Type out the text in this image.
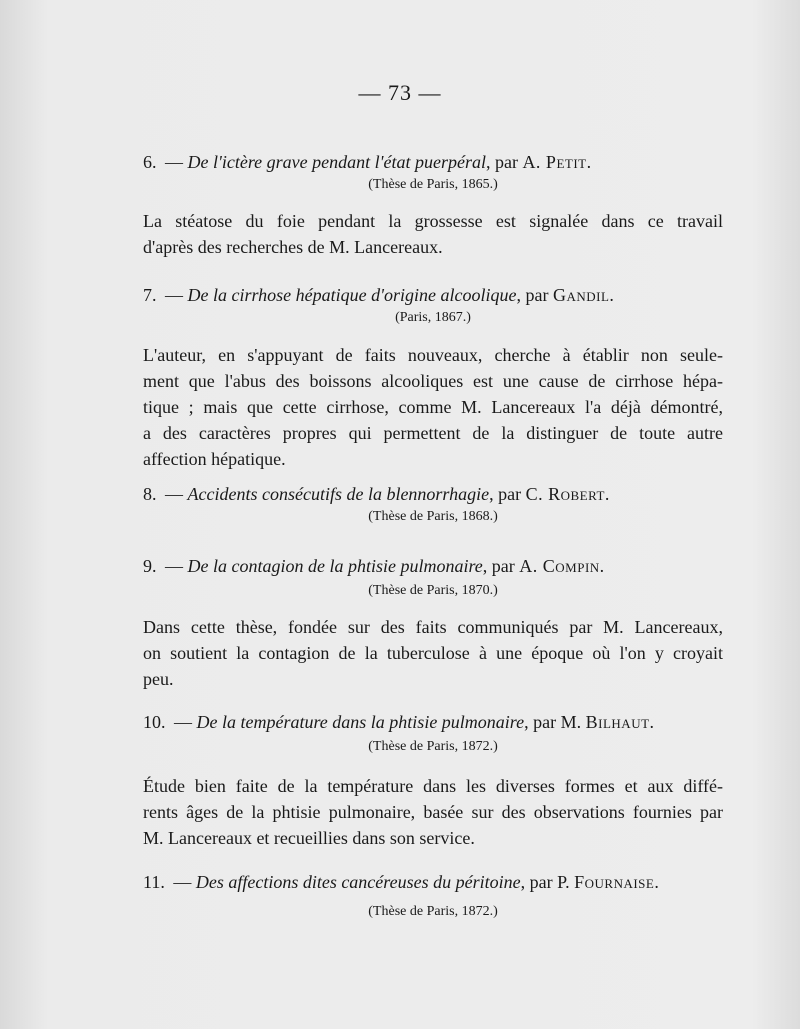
— 73 —
6. — De l'ictère grave pendant l'état puerpéral, par A. Petit.
(Thèse de Paris, 1865.)
La stéatose du foie pendant la grossesse est signalée dans ce travail
d'après des recherches de M. Lancereaux.
7. — De la cirrhose hépatique d'origine alcoolique, par Gandil.
(Paris, 1867.)
L'auteur, en s'appuyant de faits nouveaux, cherche à établir non seule-
ment que l'abus des boissons alcooliques est une cause de cirrhose hépa-
tique ; mais que cette cirrhose, comme M. Lancereaux l'a déjà démontré,
a des caractères propres qui permettent de la distinguer de toute autre
affection hépatique.
8. — Accidents consécutifs de la blennorrhagie, par C. Robert.
(Thèse de Paris, 1868.)
9. — De la contagion de la phtisie pulmonaire, par A. Compin.
(Thèse de Paris, 1870.)
Dans cette thèse, fondée sur des faits communiqués par M. Lancereaux,
on soutient la contagion de la tuberculose à une époque où l'on y croyait
peu.
10. — De la température dans la phtisie pulmonaire, par M. Bilhaut.
(Thèse de Paris, 1872.)
Étude bien faite de la température dans les diverses formes et aux diffé-
rents âges de la phtisie pulmonaire, basée sur des observations fournies par
M. Lancereaux et recueillies dans son service.
11. — Des affections dites cancéreuses du péritoine, par P. Fournaise.
(Thèse de Paris, 1872.)
